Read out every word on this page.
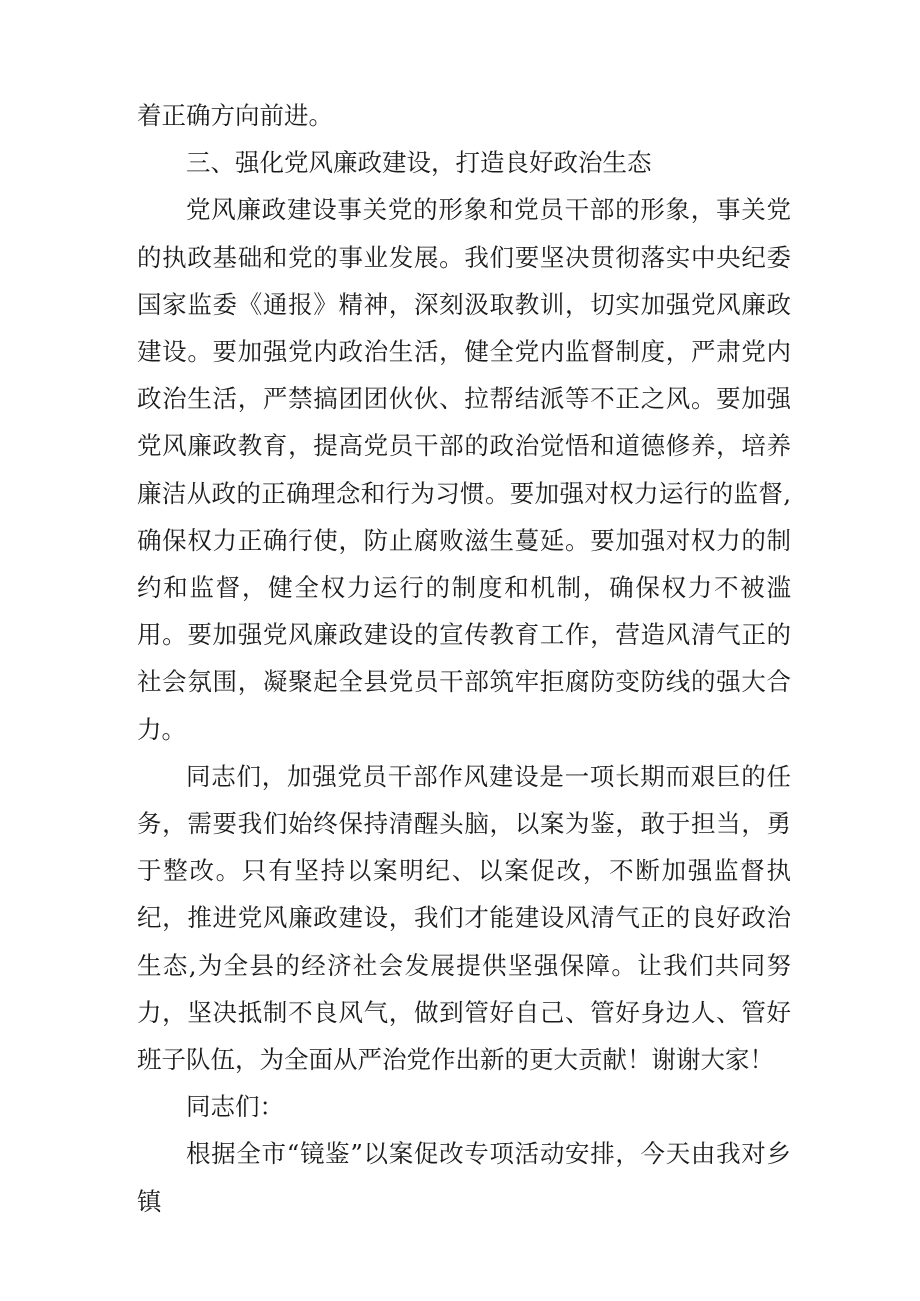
着正确方向前进。

三、强化党风廉政建设，打造良好政治生态

党风廉政建设事关党的形象和党员干部的形象，事关党的执政基础和党的事业发展。我们要坚决贯彻落实中央纪委国家监委《通报》精神，深刻汲取教训，切实加强党风廉政建设。要加强党内政治生活，健全党内监督制度，严肃党内政治生活，严禁搞团团伙伙、拉帮结派等不正之风。要加强党风廉政教育，提高党员干部的政治觉悟和道德修养，培养廉洁从政的正确理念和行为习惯。要加强对权力运行的监督,确保权力正确行使，防止腐败滋生蔓延。要加强对权力的制约和监督，健全权力运行的制度和机制，确保权力不被滥用。要加强党风廉政建设的宣传教育工作，营造风清气正的社会氛围，凝聚起全县党员干部筑牢拒腐防变防线的强大合力。

同志们，加强党员干部作风建设是一项长期而艰巨的任务，需要我们始终保持清醒头脑，以案为鉴，敢于担当，勇于整改。只有坚持以案明纪、以案促改，不断加强监督执纪，推进党风廉政建设，我们才能建设风清气正的良好政治生态,为全县的经济社会发展提供坚强保障。让我们共同努力，坚决抵制不良风气，做到管好自己、管好身边人、管好班子队伍，为全面从严治党作出新的更大贡献！谢谢大家！

同志们：

根据全市“镜鉴”以案促改专项活动安排，今天由我对乡镇
